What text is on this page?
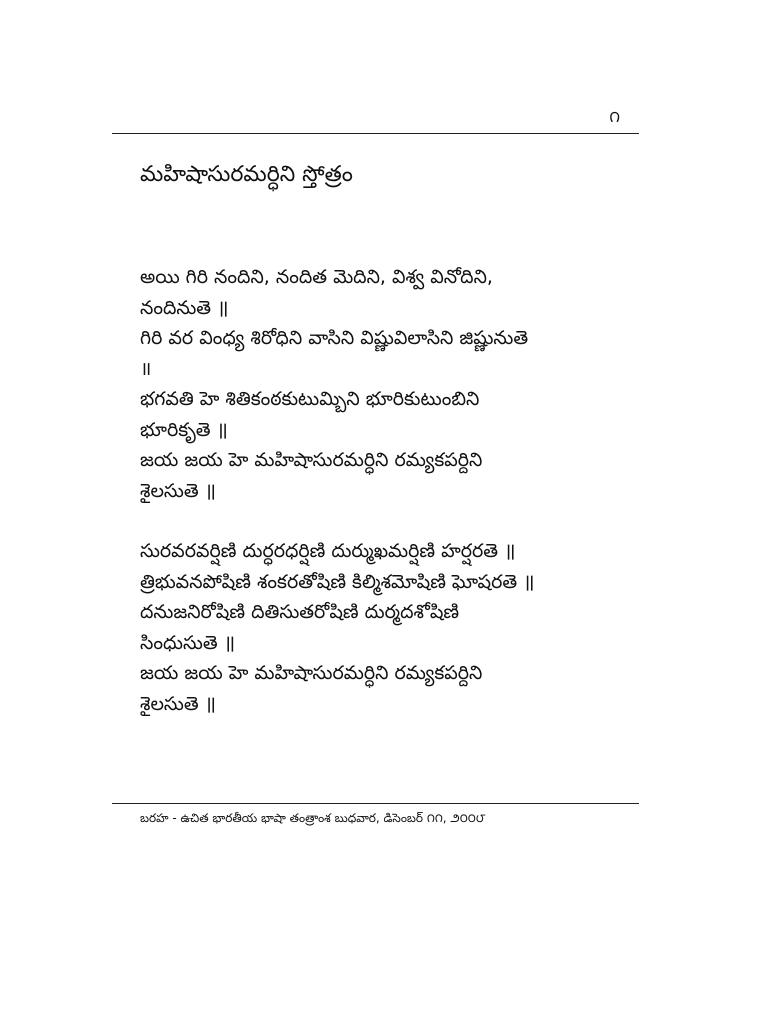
౧
మహిషాసురమర్ధిని స్తోత్రం
అయి గిరి నందిని, నందిత మెదిని, విశ్వ వినోదిని,
నందినుతె ॥
గిరి వర వింధ్య శిరోధిని వాసిని విష్ణువిలాసిని జిష్ణునుతె
॥
భగవతి హె శితికంఠకుటుమ్బిని భూరికుటుంబిని
భూరికృతె ॥
జయ జయ హె మహిషాసురమర్ధిని రమ్యకపర్దిని
శైలసుతె ॥
సురవరవర్షిణి దుర్ధరధర్షిణి దుర్ముఖమర్షిణి హర్షరతె ॥
త్రిభువనపోషిణి శంకరతోషిణి కిల్మిశమోషిణి ఘోషరతె ॥
దనుజనిరోషిణి దితిసుతరోషిణి దుర్మదశోషిణి
సింధుసుతె ॥
జయ జయ హె మహిషాసురమర్ధిని రమ్యకపర్దిని
శైలసుతె ॥
బరహ - ఉచిత భారతీయ భాషా తంత్రాంశ బుధవార, డిసెంబర్ ౧౧, ౨౦౦౮
